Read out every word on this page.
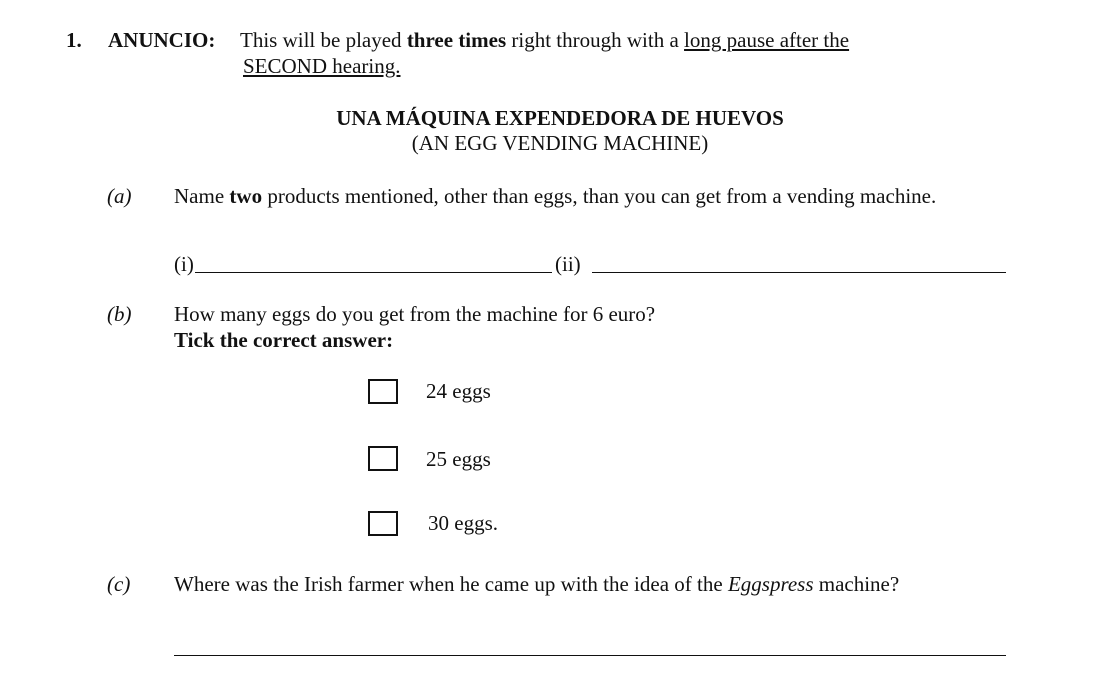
1. ANUNCIO: This will be played three times right through with a long pause after the
SECOND hearing.
UNA MÁQUINA EXPENDEDORA DE HUEVOS
(AN EGG VENDING MACHINE)
(a) Name two products mentioned, other than eggs, than you can get from a vending machine.
(i)	(ii)
(b) How many eggs do you get from the machine for 6 euro?
Tick the correct answer:
24 eggs
25 eggs
30 eggs.
(c) Where was the Irish farmer when he came up with the idea of the Eggspress machine?
